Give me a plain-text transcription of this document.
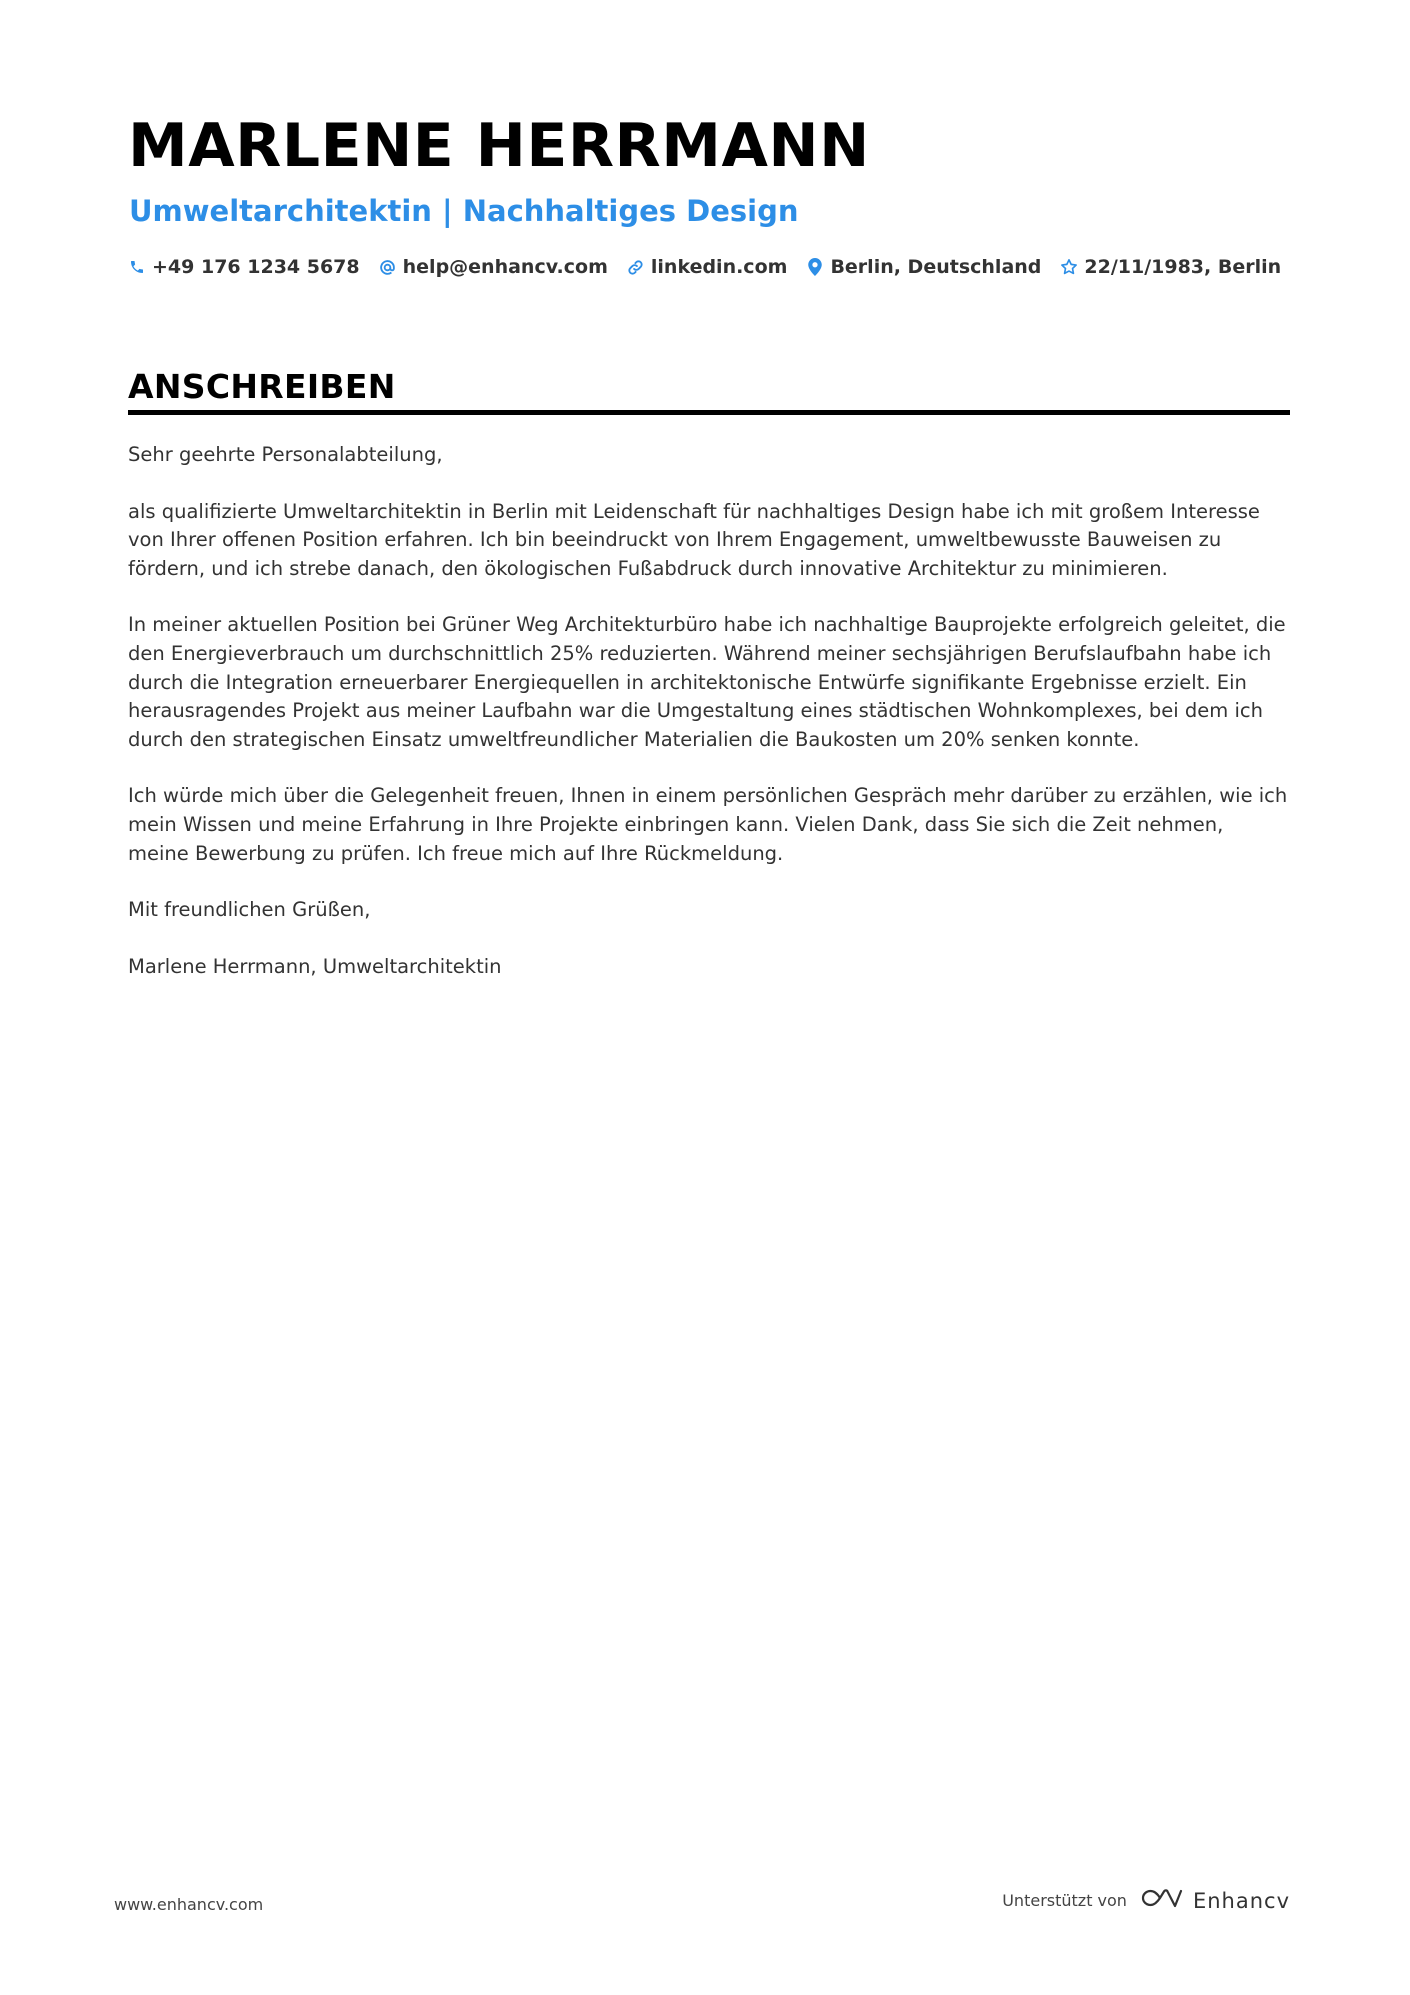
MARLENE HERRMANN
Umweltarchitektin | Nachhaltiges Design
+49 176 1234 5678 help@enhancv.com linkedin.com Berlin, Deutschland 22/11/1983, Berlin
ANSCHREIBEN

Sehr geehrte Personalabteilung,

als qualifizierte Umweltarchitektin in Berlin mit Leidenschaft für nachhaltiges Design habe ich mit großem Interesse von Ihrer offenen Position erfahren. Ich bin beeindruckt von Ihrem Engagement, umweltbewusste Bauweisen zu fördern, und ich strebe danach, den ökologischen Fußabdruck durch innovative Architektur zu minimieren.

In meiner aktuellen Position bei Grüner Weg Architekturbüro habe ich nachhaltige Bauprojekte erfolgreich geleitet, die den Energieverbrauch um durchschnittlich 25% reduzierten. Während meiner sechsjährigen Berufslaufbahn habe ich durch die Integration erneuerbarer Energiequellen in architektonische Entwürfe signifikante Ergebnisse erzielt. Ein herausragendes Projekt aus meiner Laufbahn war die Umgestaltung eines städtischen Wohnkomplexes, bei dem ich durch den strategischen Einsatz umweltfreundlicher Materialien die Baukosten um 20% senken konnte.

Ich würde mich über die Gelegenheit freuen, Ihnen in einem persönlichen Gespräch mehr darüber zu erzählen, wie ich mein Wissen und meine Erfahrung in Ihre Projekte einbringen kann. Vielen Dank, dass Sie sich die Zeit nehmen, meine Bewerbung zu prüfen. Ich freue mich auf Ihre Rückmeldung.

Mit freundlichen Grüßen,

Marlene Herrmann, Umweltarchitektin

www.enhancv.com	Unterstützt von	Enhancv
